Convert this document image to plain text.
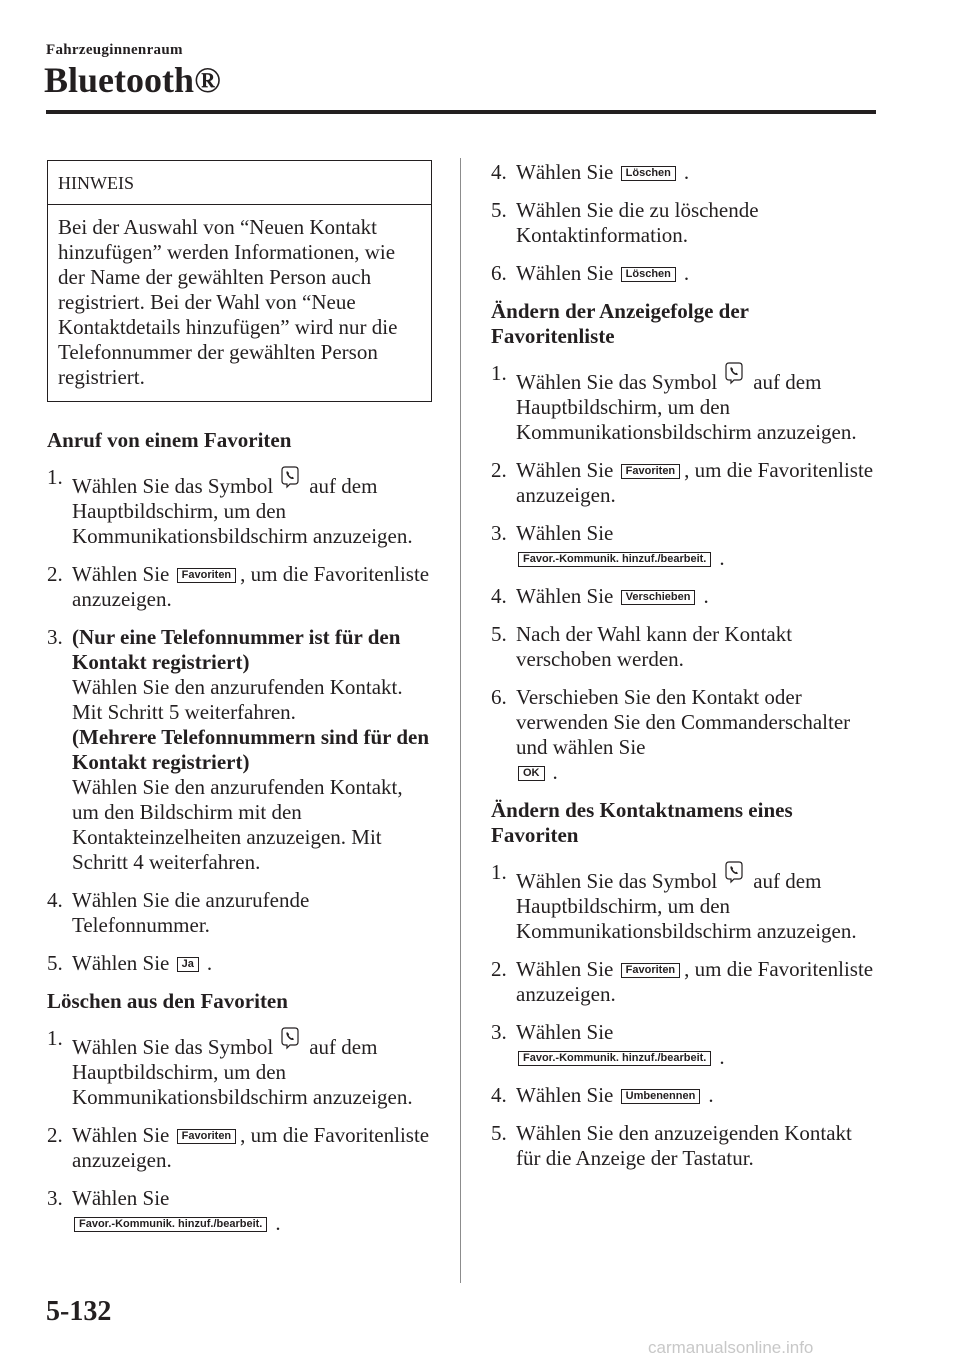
Fahrzeuginnenraum
Bluetooth®
HINWEIS
Bei der Auswahl von “Neuen Kontakt hinzufügen” werden Informationen, wie der Name der gewählten Person auch registriert. Bei der Wahl von “Neue Kontaktdetails hinzufügen” wird nur die Telefonnummer der gewählten Person registriert.
Anruf von einem Favoriten
1. Wählen Sie das Symbol auf dem Hauptbildschirm, um den Kommunikationsbildschirm anzuzeigen.
2. Wählen Sie Favoriten , um die Favoritenliste anzuzeigen.
3. (Nur eine Telefonnummer ist für den Kontakt registriert)
Wählen Sie den anzurufenden Kontakt. Mit Schritt 5 weiterfahren.
(Mehrere Telefonnummern sind für den Kontakt registriert)
Wählen Sie den anzurufenden Kontakt, um den Bildschirm mit den Kontakteinzelheiten anzuzeigen. Mit Schritt 4 weiterfahren.
4. Wählen Sie die anzurufende Telefonnummer.
5. Wählen Sie Ja .
Löschen aus den Favoriten
1. Wählen Sie das Symbol auf dem Hauptbildschirm, um den Kommunikationsbildschirm anzuzeigen.
2. Wählen Sie Favoriten , um die Favoritenliste anzuzeigen.
3. Wählen Sie
Favor.-Kommunik. hinzuf./bearbeit. .
4. Wählen Sie Löschen .
5. Wählen Sie die zu löschende Kontaktinformation.
6. Wählen Sie Löschen .
Ändern der Anzeigefolge der Favoritenliste
1. Wählen Sie das Symbol auf dem Hauptbildschirm, um den Kommunikationsbildschirm anzuzeigen.
2. Wählen Sie Favoriten , um die Favoritenliste anzuzeigen.
3. Wählen Sie
Favor.-Kommunik. hinzuf./bearbeit. .
4. Wählen Sie Verschieben .
5. Nach der Wahl kann der Kontakt verschoben werden.
6. Verschieben Sie den Kontakt oder verwenden Sie den Commanderschalter und wählen Sie
OK .
Ändern des Kontaktnamens eines Favoriten
1. Wählen Sie das Symbol auf dem Hauptbildschirm, um den Kommunikationsbildschirm anzuzeigen.
2. Wählen Sie Favoriten , um die Favoritenliste anzuzeigen.
3. Wählen Sie
Favor.-Kommunik. hinzuf./bearbeit. .
4. Wählen Sie Umbenennen .
5. Wählen Sie den anzuzeigenden Kontakt für die Anzeige der Tastatur.
5-132
carmanualsonline.info
